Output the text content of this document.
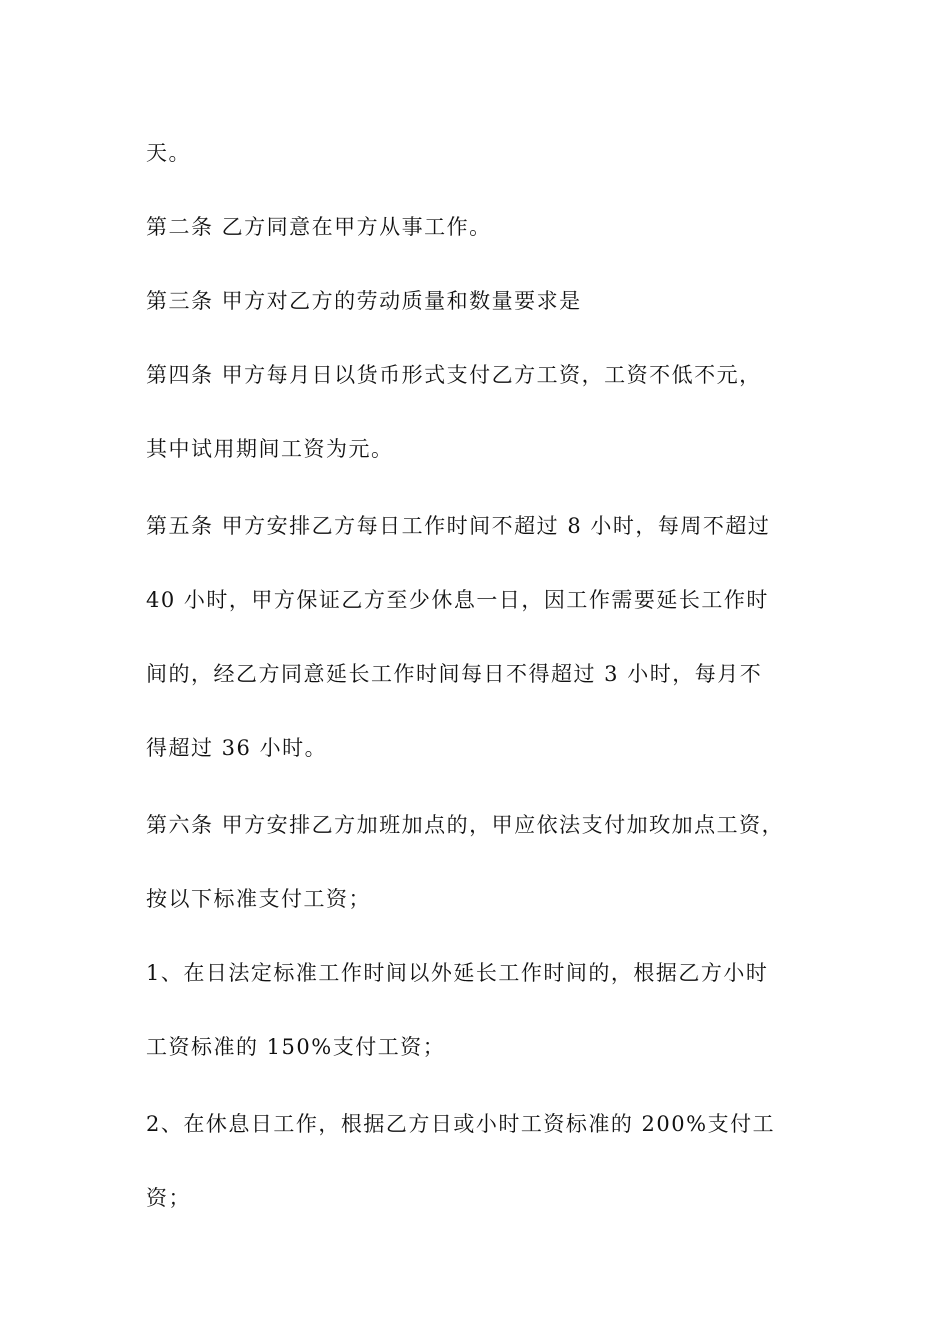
天。
第二条 乙方同意在甲方从事工作。
第三条 甲方对乙方的劳动质量和数量要求是
第四条 甲方每月日以货币形式支付乙方工资，工资不低不元，
其中试用期间工资为元。
第五条 甲方安排乙方每日工作时间不超过 8 小时，每周不超过
40 小时，甲方保证乙方至少休息一日，因工作需要延长工作时
间的，经乙方同意延长工作时间每日不得超过 3 小时，每月不
得超过 36 小时。
第六条 甲方安排乙方加班加点的，甲应依法支付加玫加点工资，
按以下标准支付工资；
1、在日法定标准工作时间以外延长工作时间的，根据乙方小时
工资标准的 150%支付工资；
2、在休息日工作，根据乙方日或小时工资标准的 200%支付工
资；
